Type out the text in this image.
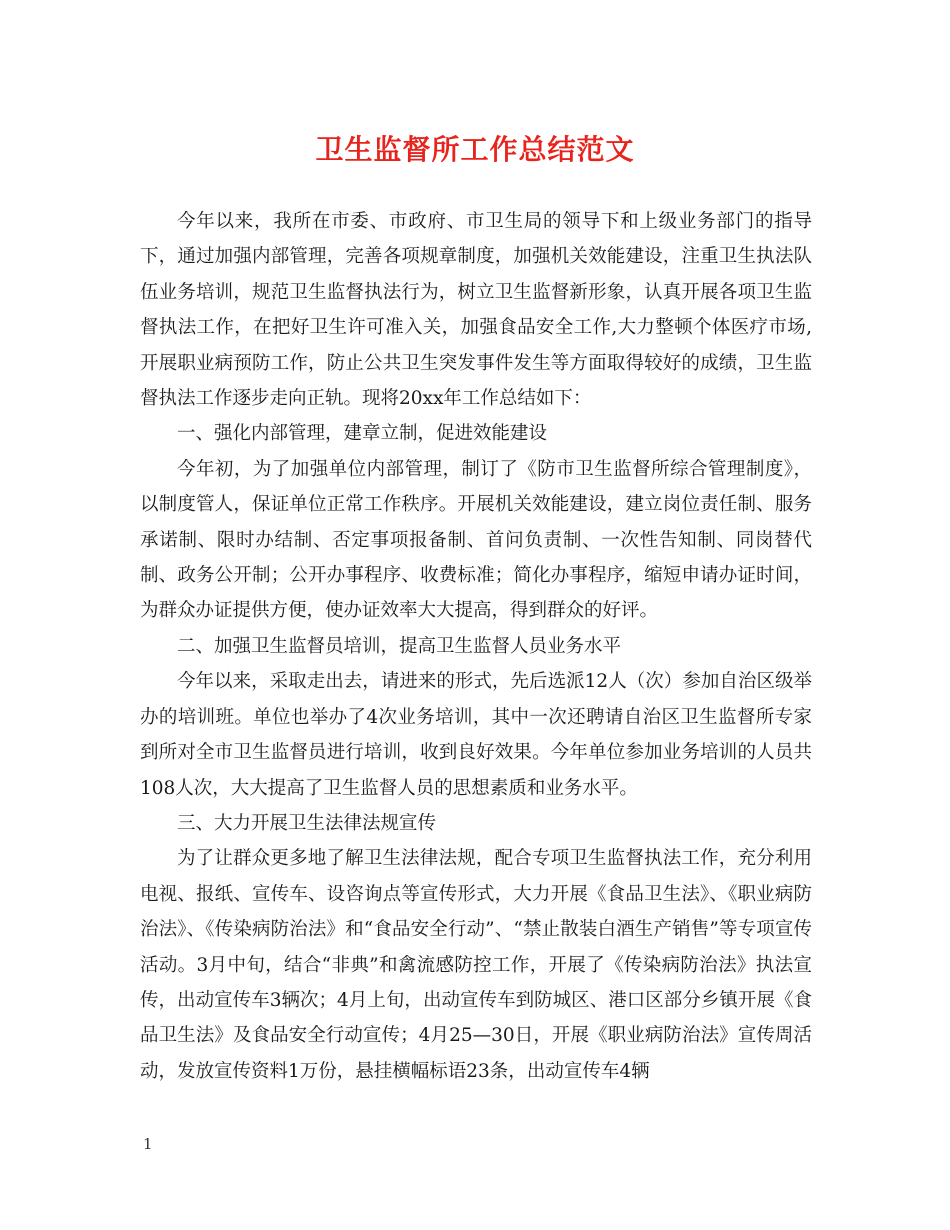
卫生监督所工作总结范文

今年以来，我所在市委、市政府、市卫生局的领导下和上级业务部门的指导下，通过加强内部管理，完善各项规章制度，加强机关效能建设，注重卫生执法队伍业务培训，规范卫生监督执法行为，树立卫生监督新形象，认真开展各项卫生监督执法工作，在把好卫生许可准入关，加强食品安全工作,大力整顿个体医疗市场,开展职业病预防工作，防止公共卫生突发事件发生等方面取得较好的成绩，卫生监督执法工作逐步走向正轨。现将20xx年工作总结如下：

一、强化内部管理，建章立制，促进效能建设

今年初，为了加强单位内部管理，制订了《防市卫生监督所综合管理制度》，以制度管人，保证单位正常工作秩序。开展机关效能建设，建立岗位责任制、服务承诺制、限时办结制、否定事项报备制、首问负责制、一次性告知制、同岗替代制、政务公开制；公开办事程序、收费标准；简化办事程序，缩短申请办证时间，为群众办证提供方便，使办证效率大大提高，得到群众的好评。

二、加强卫生监督员培训，提高卫生监督人员业务水平

今年以来，采取走出去，请进来的形式，先后选派12人（次）参加自治区级举办的培训班。单位也举办了4次业务培训，其中一次还聘请自治区卫生监督所专家到所对全市卫生监督员进行培训，收到良好效果。今年单位参加业务培训的人员共108人次，大大提高了卫生监督人员的思想素质和业务水平。

三、大力开展卫生法律法规宣传

为了让群众更多地了解卫生法律法规，配合专项卫生监督执法工作，充分利用电视、报纸、宣传车、设咨询点等宣传形式，大力开展《食品卫生法》、《职业病防治法》、《传染病防治法》和“食品安全行动”、“禁止散装白酒生产销售”等专项宣传活动。3月中旬，结合“非典”和禽流感防控工作，开展了《传染病防治法》执法宣传，出动宣传车3辆次；4月上旬，出动宣传车到防城区、港口区部分乡镇开展《食品卫生法》及食品安全行动宣传；4月25—30日，开展《职业病防治法》宣传周活动，发放宣传资料1万份，悬挂横幅标语23条，出动宣传车4辆

1
